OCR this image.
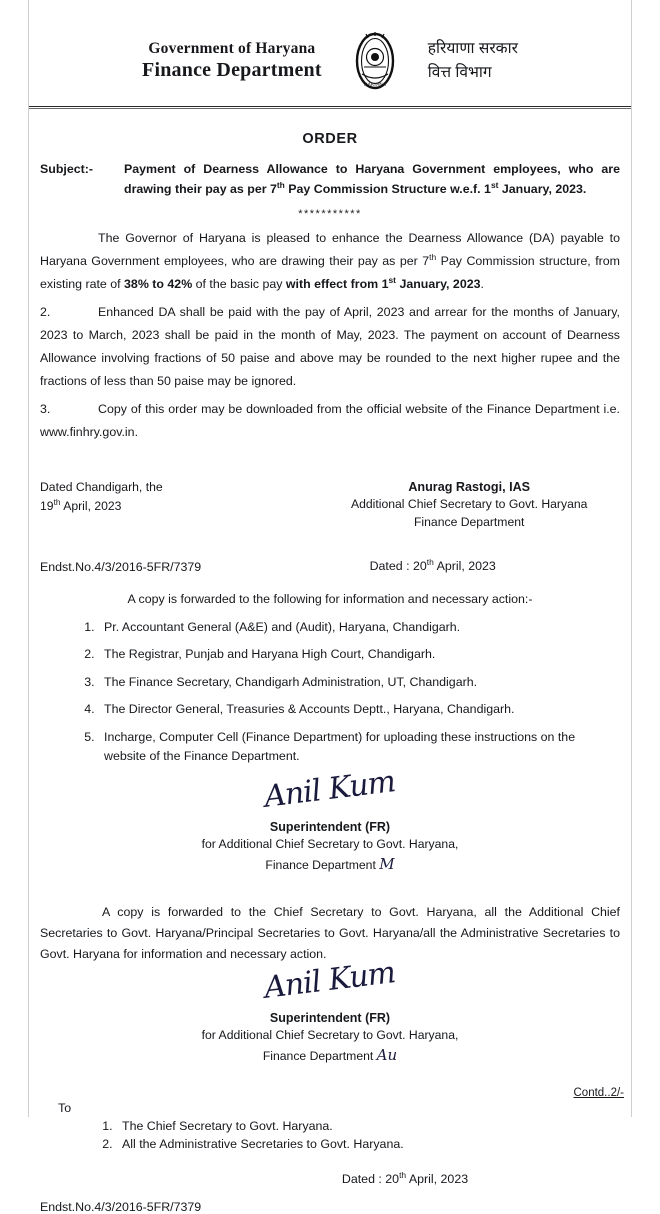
Government of Haryana
Finance Department
HARYANA
हरियाणा सरकार
वित्त विभाग
ORDER
Subject:-	Payment of Dearness Allowance to Haryana Government employees, who are drawing their pay as per 7th Pay Commission Structure w.e.f. 1st January, 2023.
***********

The Governor of Haryana is pleased to enhance the Dearness Allowance (DA) payable to Haryana Government employees, who are drawing their pay as per 7th Pay Commission structure, from existing rate of 38% to 42% of the basic pay with effect from 1st January, 2023.

2.	Enhanced DA shall be paid with the pay of April, 2023 and arrear for the months of January, 2023 to March, 2023 shall be paid in the month of May, 2023. The payment on account of Dearness Allowance involving fractions of 50 paise and above may be rounded to the next higher rupee and the fractions of less than 50 paise may be ignored.

3.	Copy of this order may be downloaded from the official website of the Finance Department i.e. www.finhry.gov.in.

Dated Chandigarh, the
19th April, 2023
Anurag Rastogi, IAS
Additional Chief Secretary to Govt. Haryana
Finance Department
Endst.No.4/3/2016-5FR/7379	Dated : 20th April, 2023
A copy is forwarded to the following for information and necessary action:-
1. Pr. Accountant General (A&E) and (Audit), Haryana, Chandigarh.
2. The Registrar, Punjab and Haryana High Court, Chandigarh.
3. The Finance Secretary, Chandigarh Administration, UT, Chandigarh.
4. The Director General, Treasuries & Accounts Deptt., Haryana, Chandigarh.
5. Incharge, Computer Cell (Finance Department) for uploading these instructions on the website of the Finance Department.
Anil Kum
Superintendent (FR)
for Additional Chief Secretary to Govt. Haryana,
Finance Department M

A copy is forwarded to the Chief Secretary to Govt. Haryana, all the Additional Chief Secretaries to Govt. Haryana/Principal Secretaries to Govt. Haryana/all the Administrative Secretaries to Govt. Haryana for information and necessary action.

Anil Kum
Superintendent (FR)
for Additional Chief Secretary to Govt. Haryana,
Finance Department Au
To
1. The Chief Secretary to Govt. Haryana.
2. All the Administrative Secretaries to Govt. Haryana.
Dated : 20th April, 2023
Endst.No.4/3/2016-5FR/7379
Contd..2/-
